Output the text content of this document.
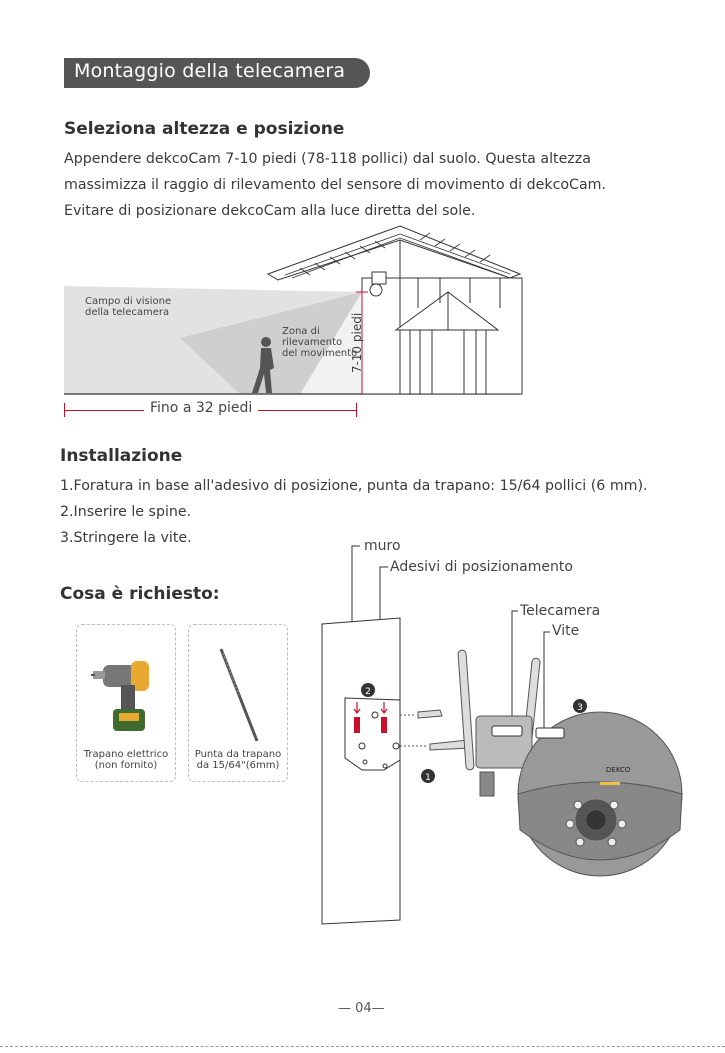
Montaggio della telecamera
Seleziona altezza e posizione
Appendere dekcoCam 7-10 piedi (78-118 pollici) dal suolo. Questa altezza
massimizza il raggio di rilevamento del sensore di movimento di dekcoCam.
Evitare di posizionare dekcoCam alla luce diretta del sole.
Campo di visione
della telecamera
Zona di
rilevamento
del movimento
7-10 piedi
Fino a 32 piedi
Installazione
1.Foratura in base all'adesivo di posizione, punta da trapano: 15/64 pollici (6 mm).
2.Inserire le spine.
3.Stringere la vite.
Cosa è richiesto:
Trapano elettrico
(non fornito)
Punta da trapano
da 15/64"(6mm)	DEKCO
2
1
3
muro
Adesivi di posizionamento
Telecamera
Vite
— 04—
